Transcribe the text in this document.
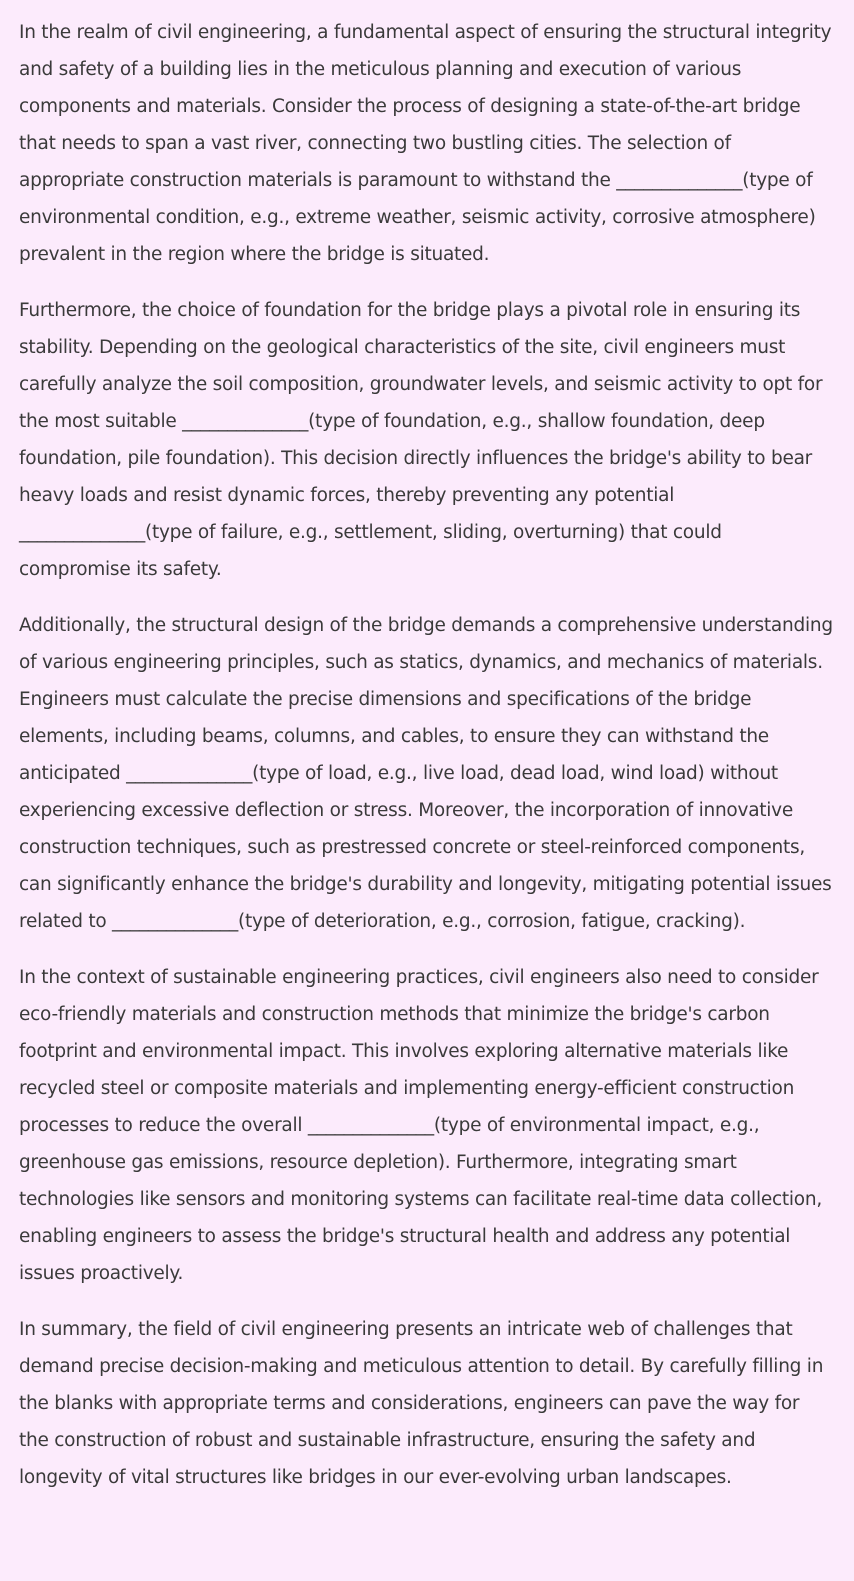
In the realm of civil engineering, a fundamental aspect of ensuring the structural integrity and safety of a building lies in the meticulous planning and execution of various components and materials. Consider the process of designing a state-of-the-art bridge that needs to span a vast river, connecting two bustling cities. The selection of appropriate construction materials is paramount to withstand the ______________(type of environmental condition, e.g., extreme weather, seismic activity, corrosive atmosphere) prevalent in the region where the bridge is situated.

Furthermore, the choice of foundation for the bridge plays a pivotal role in ensuring its stability. Depending on the geological characteristics of the site, civil engineers must carefully analyze the soil composition, groundwater levels, and seismic activity to opt for the most suitable ______________(type of foundation, e.g., shallow foundation, deep foundation, pile foundation). This decision directly influences the bridge's ability to bear heavy loads and resist dynamic forces, thereby preventing any potential ______________(type of failure, e.g., settlement, sliding, overturning) that could compromise its safety.

Additionally, the structural design of the bridge demands a comprehensive understanding of various engineering principles, such as statics, dynamics, and mechanics of materials. Engineers must calculate the precise dimensions and specifications of the bridge elements, including beams, columns, and cables, to ensure they can withstand the anticipated ______________(type of load, e.g., live load, dead load, wind load) without experiencing excessive deflection or stress. Moreover, the incorporation of innovative construction techniques, such as prestressed concrete or steel-reinforced components, can significantly enhance the bridge's durability and longevity, mitigating potential issues related to ______________(type of deterioration, e.g., corrosion, fatigue, cracking).

In the context of sustainable engineering practices, civil engineers also need to consider eco-friendly materials and construction methods that minimize the bridge's carbon footprint and environmental impact. This involves exploring alternative materials like recycled steel or composite materials and implementing energy-efficient construction processes to reduce the overall ______________(type of environmental impact, e.g., greenhouse gas emissions, resource depletion). Furthermore, integrating smart technologies like sensors and monitoring systems can facilitate real-time data collection, enabling engineers to assess the bridge's structural health and address any potential issues proactively.

In summary, the field of civil engineering presents an intricate web of challenges that demand precise decision-making and meticulous attention to detail. By carefully filling in the blanks with appropriate terms and considerations, engineers can pave the way for the construction of robust and sustainable infrastructure, ensuring the safety and longevity of vital structures like bridges in our ever-evolving urban landscapes.
